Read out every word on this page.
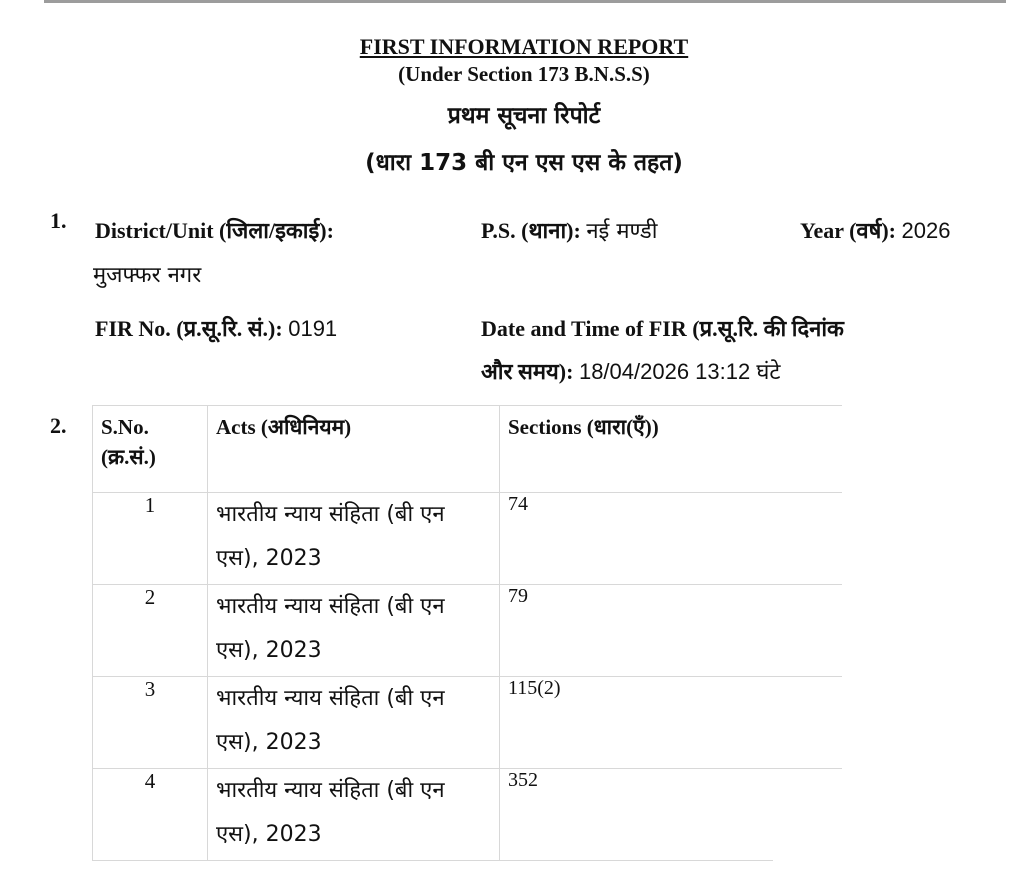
FIRST INFORMATION REPORT
(Under Section 173 B.N.S.S)
प्रथम सूचना रिपोर्ट
(धारा 173 बी एन एस एस के तहत)
1. District/Unit (जिला/इकाई):
मुजफ्फर नगर
P.S. (थाना): नई मण्डी	Year (वर्ष): 2026
FIR No. (प्र.सू.रि. सं.): 0191	Date and Time of FIR (प्र.सू.रि. की दिनांक
और समय): 18/04/2026 13:12 घंटे
2. S.No. (क्र.सं.)	Acts (अधिनियम)	Sections (धारा(एँ))
1	भारतीय न्याय संहिता (बी एन एस), 2023	74
2	भारतीय न्याय संहिता (बी एन एस), 2023	79
3	भारतीय न्याय संहिता (बी एन एस), 2023	115(2)
4	भारतीय न्याय संहिता (बी एन एस), 2023	352
